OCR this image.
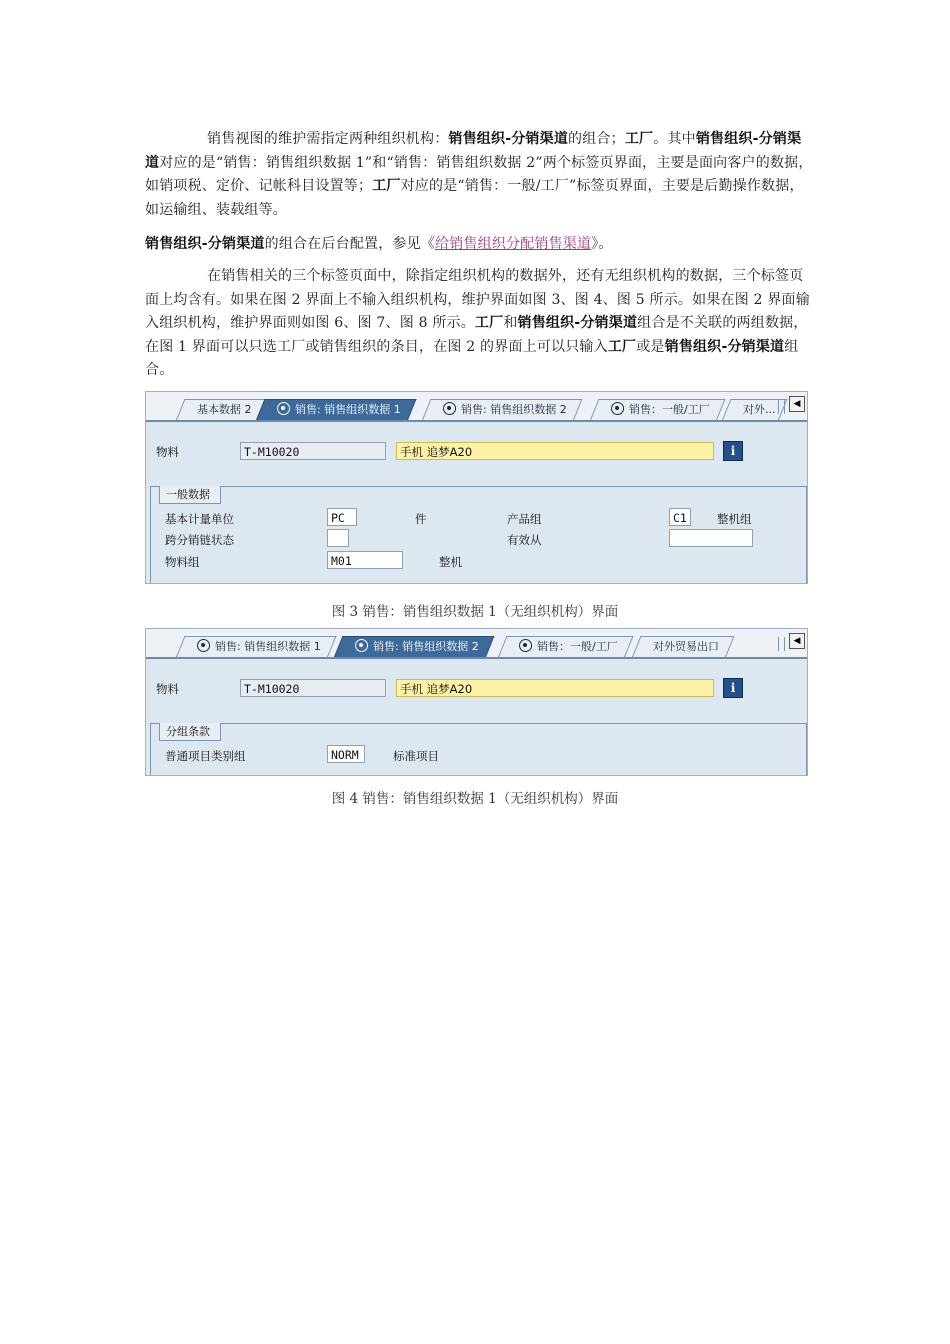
销售视图的维护需指定两种组织机构：销售组织-分销渠道的组合；工厂。其中销售组织-分销渠道对应的是“销售：销售组织数据 1”和“销售：销售组织数据 2”两个标签页界面，主要是面向客户的数据，如销项税、定价、记帐科目设置等；工厂对应的是“销售：一般/工厂”标签页界面，主要是后勤操作数据，如运输组、装载组等。
销售组织-分销渠道的组合在后台配置，参见《给销售组织分配销售渠道》。
在销售相关的三个标签页面中，除指定组织机构的数据外，还有无组织机构的数据，三个标签页面上均含有。如果在图 2 界面上不输入组织机构，维护界面如图 3、图 4、图 5 所示。如果在图 2 界面输入组织机构，维护界面则如图 6、图 7、图 8 所示。工厂和销售组织-分销渠道组合是不关联的两组数据，在图 1 界面可以只选工厂或销售组织的条目，在图 2 的界面上可以只输入工厂或是销售组织-分销渠道组合。
基本数据 2	销售: 销售组织数据 1	销售: 销售组织数据 2	销售：一般/工厂	对外...	◀
物料	T-M10020	手机 追梦A20	i
一般数据
基本计量单位	PC	件	产品组	C1	整机组
跨分销链状态	有效从
物料组	M01	整机
图 3 销售：销售组织数据 1（无组织机构）界面
销售: 销售组织数据 1	销售: 销售组织数据 2	销售：一般/工厂	对外贸易出口	◀
物料	T-M10020	手机 追梦A20	i
分组条款
普通项目类别组	NORM	标准项目
图 4 销售：销售组织数据 1（无组织机构）界面
